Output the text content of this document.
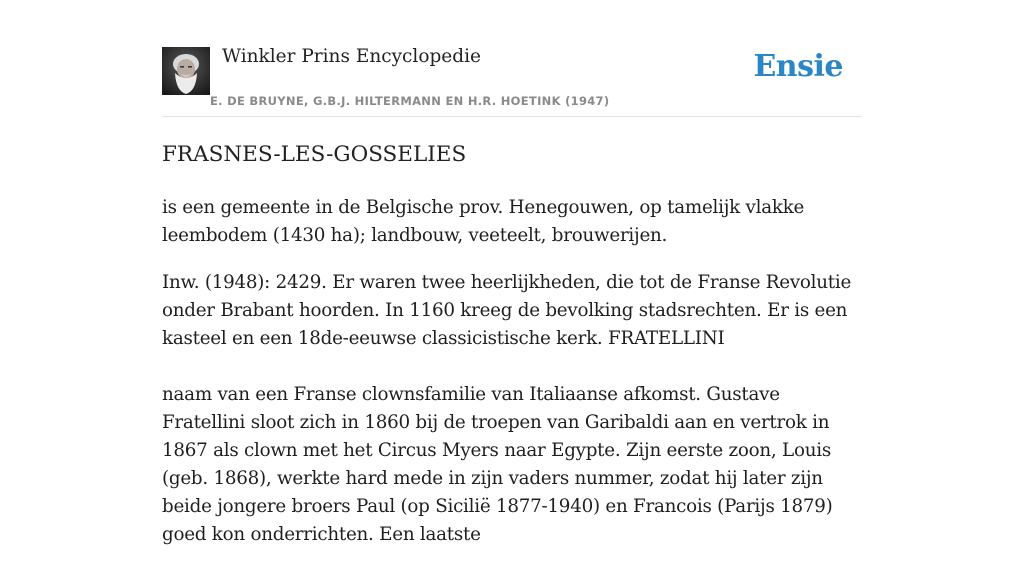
Winkler Prins Encyclopedie
E. DE BRUYNE, G.B.J. HILTERMANN EN H.R. HOETINK (1947)
Ensie
FRASNES-LES-GOSSELIES

is een gemeente in de Belgische prov. Henegouwen, op tamelijk vlakke leembodem (1430 ha); landbouw, veeteelt, brouwerijen.

Inw. (1948): 2429. Er waren twee heerlijkheden, die tot de Franse Revolutie onder Brabant hoorden. In 1160 kreeg de bevolking stadsrechten. Er is een kasteel en een 18de-eeuwse classicistische kerk. FRATELLINI

naam van een Franse clownsfamilie van Italiaanse afkomst. Gustave Fratellini sloot zich in 1860 bij de troepen van Garibaldi aan en vertrok in 1867 als clown met het Circus Myers naar Egypte. Zijn eerste zoon, Louis (geb. 1868), werkte hard mede in zijn vaders nummer, zodat hij later zijn beide jongere broers Paul (op Sicilië 1877-1940) en Francois (Parijs 1879) goed kon onderrichten. Een laatste
